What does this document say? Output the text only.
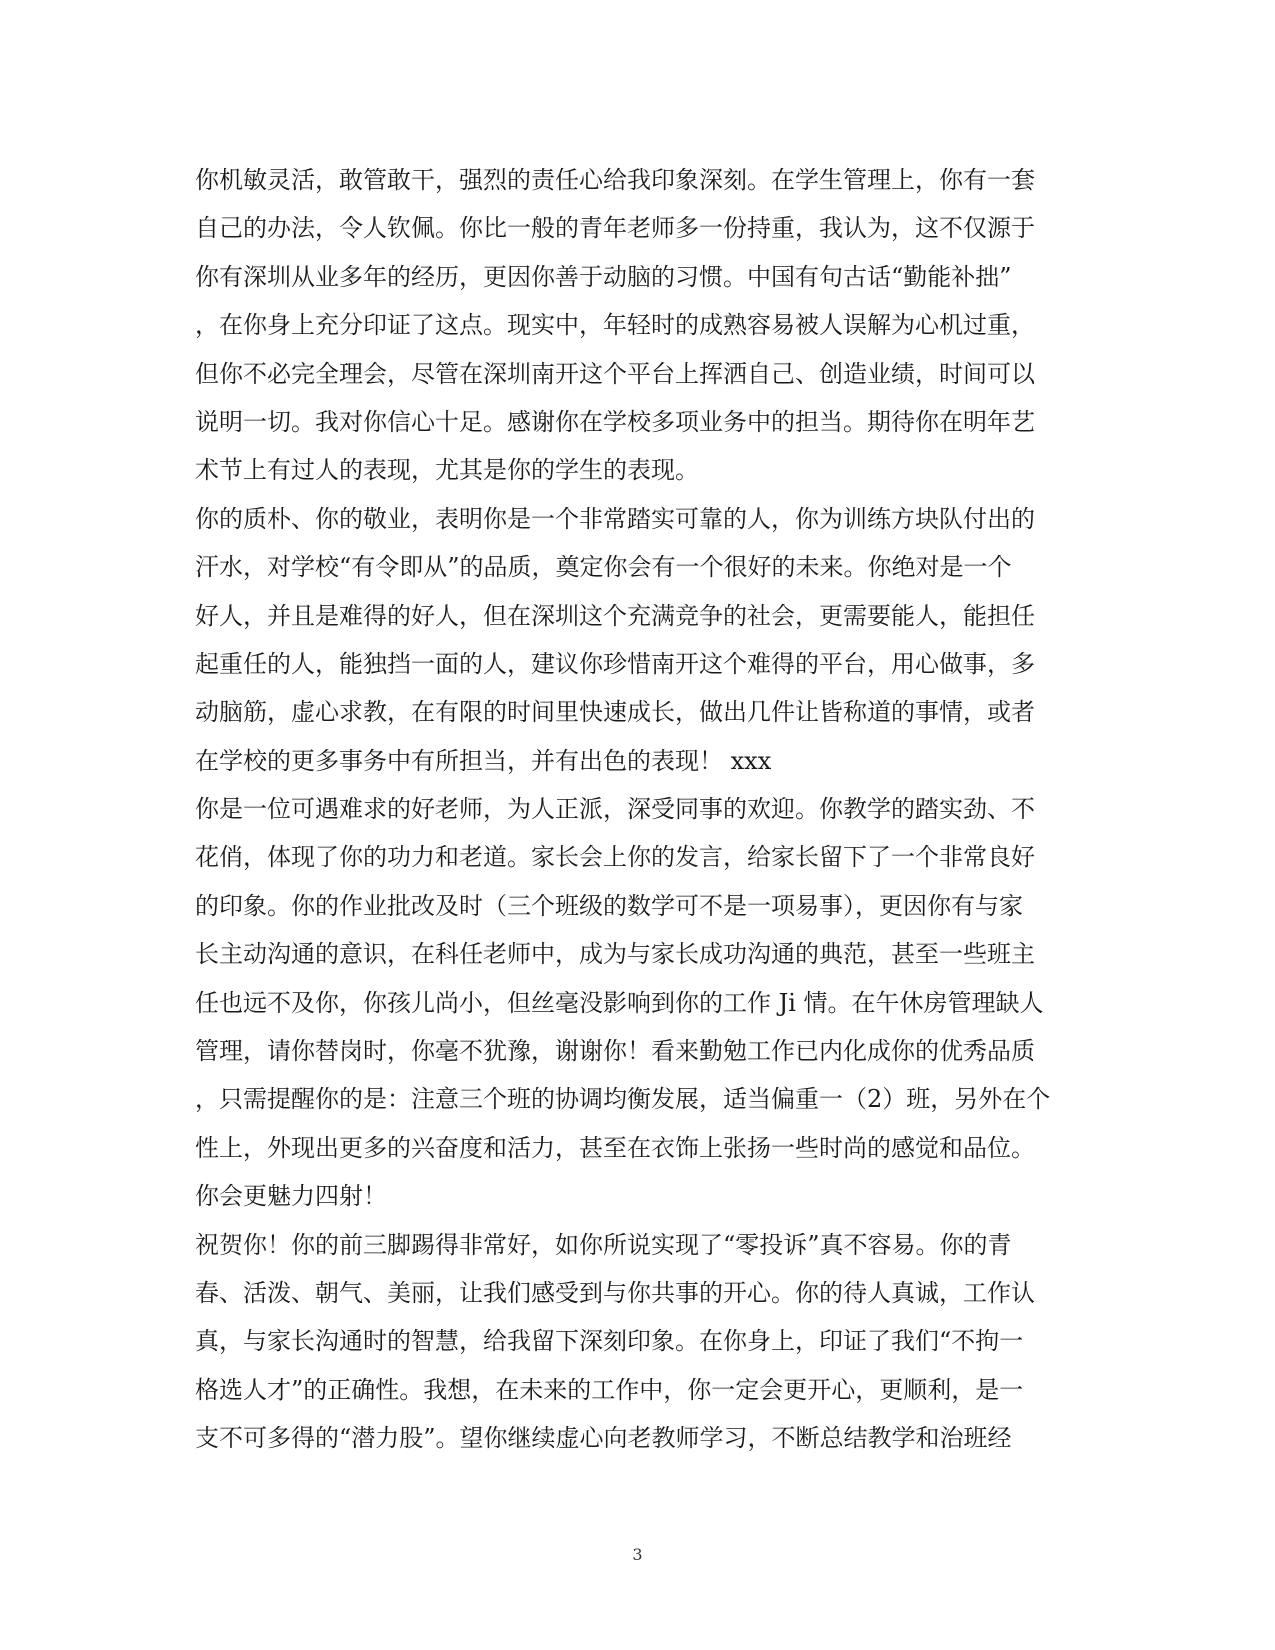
你机敏灵活，敢管敢干，强烈的责任心给我印象深刻。在学生管理上，你有一套
自己的办法，令人钦佩。你比一般的青年老师多一份持重，我认为，这不仅源于
你有深圳从业多年的经历，更因你善于动脑的习惯。中国有句古话“勤能补拙”
，在你身上充分印证了这点。现实中，年轻时的成熟容易被人误解为心机过重，
但你不必完全理会，尽管在深圳南开这个平台上挥洒自己、创造业绩，时间可以
说明一切。我对你信心十足。感谢你在学校多项业务中的担当。期待你在明年艺
术节上有过人的表现，尤其是你的学生的表现。
你的质朴、你的敬业，表明你是一个非常踏实可靠的人，你为训练方块队付出的
汗水，对学校“有令即从”的品质，奠定你会有一个很好的未来。你绝对是一个
好人，并且是难得的好人，但在深圳这个充满竞争的社会，更需要能人，能担任
起重任的人，能独挡一面的人，建议你珍惜南开这个难得的平台，用心做事，多
动脑筋，虚心求教，在有限的时间里快速成长，做出几件让皆称道的事情，或者
在学校的更多事务中有所担当，并有出色的表现！ xxx
你是一位可遇难求的好老师，为人正派，深受同事的欢迎。你教学的踏实劲、不
花俏，体现了你的功力和老道。家长会上你的发言，给家长留下了一个非常良好
的印象。你的作业批改及时（三个班级的数学可不是一项易事），更因你有与家
长主动沟通的意识，在科任老师中，成为与家长成功沟通的典范，甚至一些班主
任也远不及你，你孩儿尚小，但丝毫没影响到你的工作 Ji 情。在午休房管理缺人
管理，请你替岗时，你毫不犹豫，谢谢你！看来勤勉工作已内化成你的优秀品质
，只需提醒你的是：注意三个班的协调均衡发展，适当偏重一（2）班，另外在个
性上，外现出更多的兴奋度和活力，甚至在衣饰上张扬一些时尚的感觉和品位。
你会更魅力四射！
祝贺你！你的前三脚踢得非常好，如你所说实现了“零投诉”真不容易。你的青
春、活泼、朝气、美丽，让我们感受到与你共事的开心。你的待人真诚，工作认
真，与家长沟通时的智慧，给我留下深刻印象。在你身上，印证了我们“不拘一
格选人才”的正确性。我想，在未来的工作中，你一定会更开心，更顺利，是一
支不可多得的“潜力股”。望你继续虚心向老教师学习，不断总结教学和治班经
3
